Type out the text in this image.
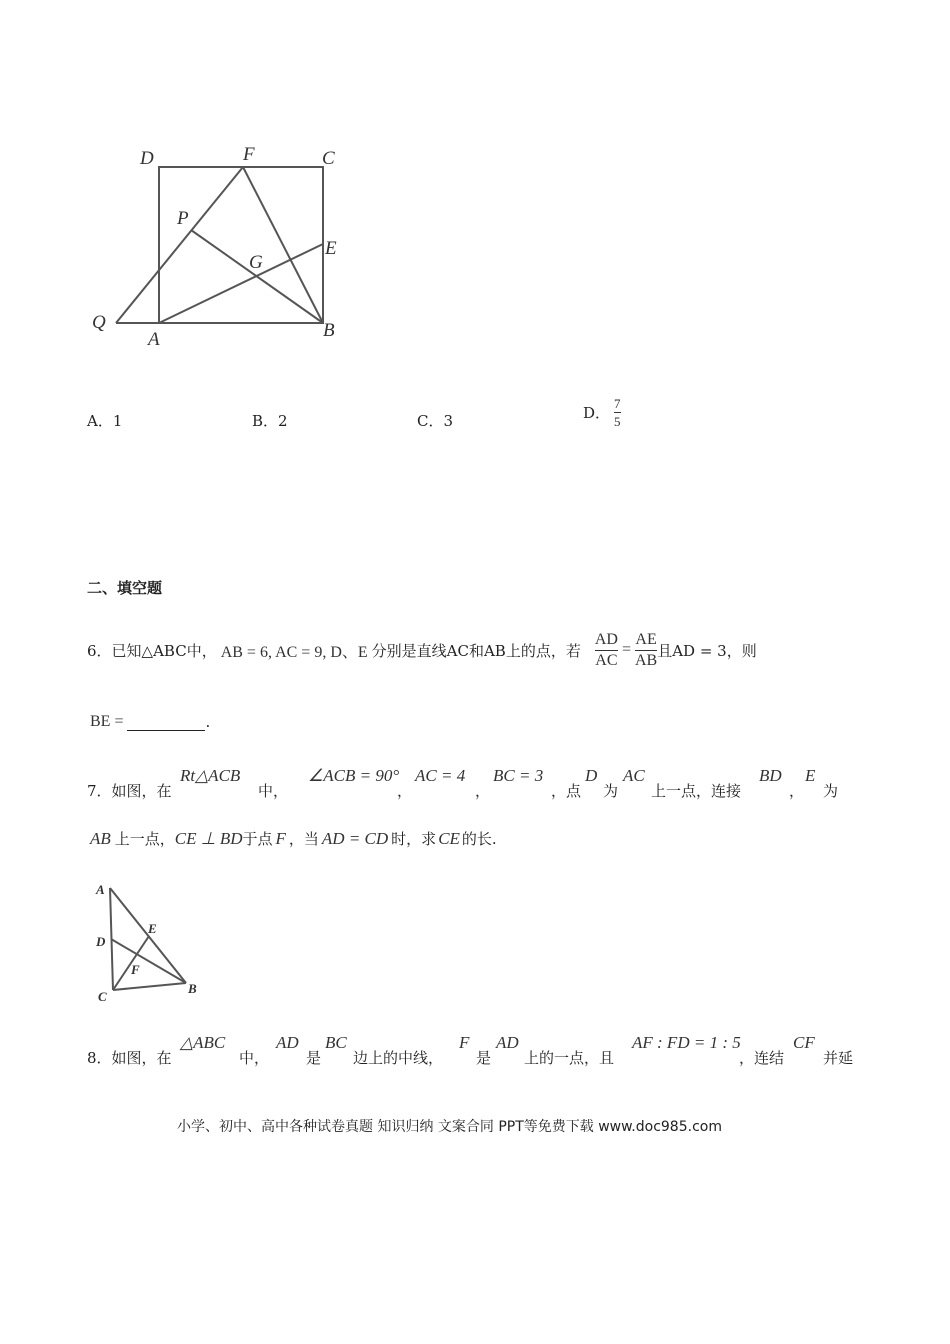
D	F	C
P
E
G
Q
A	B
A．1	B．2	C．3	D． $\frac{7}{5}$
二、填空题
6．已知△ABC中， AB = 6, AC = 9, D、E 分别是直线AC和AB上的点，若 $\frac{AD}{AC} = \frac{AE}{AB}$ 且AD = 3，则
BE =	.
7．如图，在
Rt△ACB
中，
∠ACB = 90°
，
AC = 4
，
BC = 3
，点
D
为
AC
上一点，连接
BD
，
E
为
AB 上一点， CE ⊥ BD 于点 F ，当 AD = CD 时，求 CE 的长.
A
E
D
F
C
B
8．如图，在
△ABC
中，
AD
是
BC
边上的中线，
F
是
AD
上的一点，且
AF : FD = 1 : 5
，连结
CF
并延
小学、初中、高中各种试卷真题 知识归纳 文案合同 PPT等免费下载 www.doc985.com
